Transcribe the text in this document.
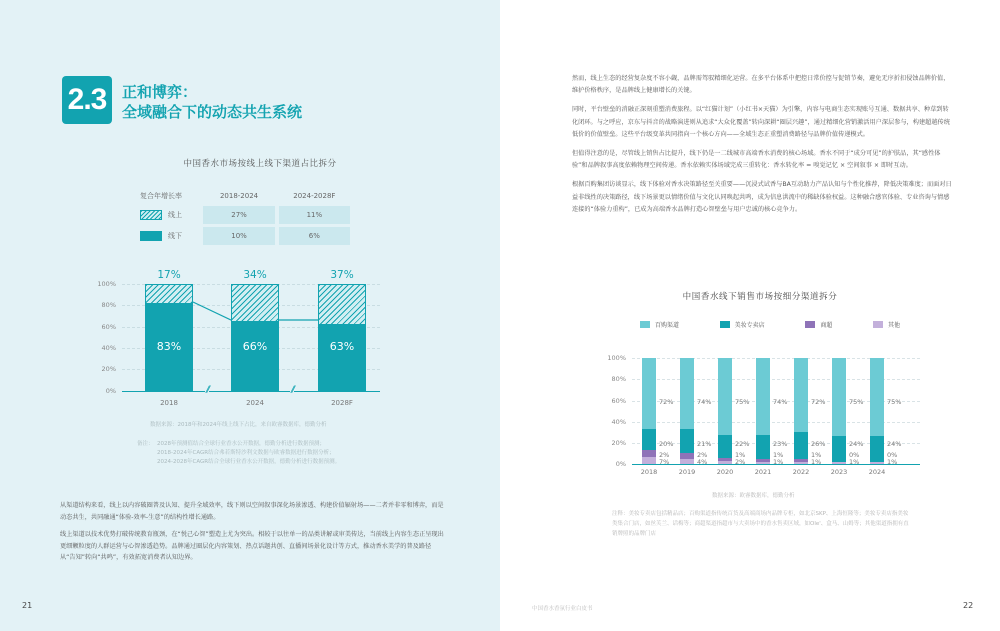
2.3	正和博弈：
全域融合下的动态共生系统
中国香水市场按线上线下渠道占比拆分
复合年增长率	2018-2024	2024-2028F
线上	27%	11%
线下	10%	6%
100%
80%
60%
40%
20%
0%
17%
83%
2018
34%
66%
2024
37%
63%
2028F
//	//
数据来源：2018年和2024年线上线下占比，来自欧睿数据库，德勤分析
备注： 2028年预测值结合全球行业香水公开数据，德勤分析进行数据预测；
2018-2024年CAGR结合弗若斯特沙利文数据与欧睿数据进行数据分析；
2024-2028年CAGR结合全球行业香水公开数据，德勤分析进行数据预测。

从渠道结构来看，线上以内容破圈普及认知、提升全域效率，线下则以空间叙事深化场景渗透、构建价值辐射场——二者并非零和博弈，而是动态共生，共同融通“体验-效率-生意”的结构性增长通路。

线上渠道以技术优势打破传统教育瓶颈，在“悦己心智”塑造上尤为突出。相较于以往单一的品类讲解或审美传达，当前线上内容生态正呈现出更细颗粒度的人群运营与心智渗透趋势。品牌通过圈层化内容策划、热点话题共创、直播间场景化设计等方式，推动香水美学的普及路径从“告知”转向“共鸣”，有效拓宽消费者认知边界。

21

然而，线上生态的经营复杂度不容小觑，品牌需驾驭精细化运营。在多平台体系中把控日常价控与促销节奏，避免无序折扣侵蚀品牌价值，维护价格秩序，是品牌线上健康增长的关键。

同时，平台壁垒的消融正深刻重塑消费旅程。以“红猫计划”（小红书×天猫）为引擎，内容与电商生态实现账号互通、数据共享、种草到转化闭环。与之呼应，京东与抖音的战略演进则从追求“大众化覆盖”转向深耕“圈层兴趣”，通过精细化营销激活用户深层参与，构建超越传统低价的价值壁垒。这些平台级变革共同指向一个核心方向——全域生态正重塑消费路径与品牌价值传递模式。

但值得注意的是，尽管线上销售占比提升，线下仍是一二线城市高端香水消费的核心场域。香水不同于“成分可见”的护肤品，其“感性体验”和品牌叙事高度依赖物理空间传递。香水依赖实体场域完成三重转化：香水转化率 = 嗅觉记忆 × 空间叙事 × 即时互动。

根据百购集团访谈显示，线下体验对香水决策路径至关重要——沉浸式试香与BA互动助力产品认知与个性化推荐，降低决策难度；而面对日益非线性的决策路径，线下场景更以情绪价值与文化认同唤起共鸣，成为信息洪流中的稀缺体验权益。这种融合感官体验、专业咨询与情感连接的“体验力重构”，已成为高端香水品牌打造心智壁垒与用户忠诚的核心竞争力。

中国香水线下销售市场按细分渠道拆分
百购渠道	美妆专卖店	商超	其他
100%
80%
60%
40%
20%
0%
72%
20%
2%
7%
2018
74%
21%
2%
4%
2019
75%
22%
1%
2%
2020
74%
23%
1%
1%
2021
72%
26%
1%
1%
2022
75%
24%
0%
1%
2023
75%
24%
0%
1%
2024
数据来源：欧睿数据库，德勤分析
注释：美妆专卖店包括精品店；百购渠道指传统百货及高端商场内品牌专柜，如北京SKP、上海恒隆等；美妆专卖店指美妆类集合门店，如丝芙兰、话梅等；商超渠道指超市与大卖场中的香水售卖区域，如Ole'、盒马、山姆等；其他渠道指拥有直销牌照的品牌门店
中国香水香氛行业白皮书	22
